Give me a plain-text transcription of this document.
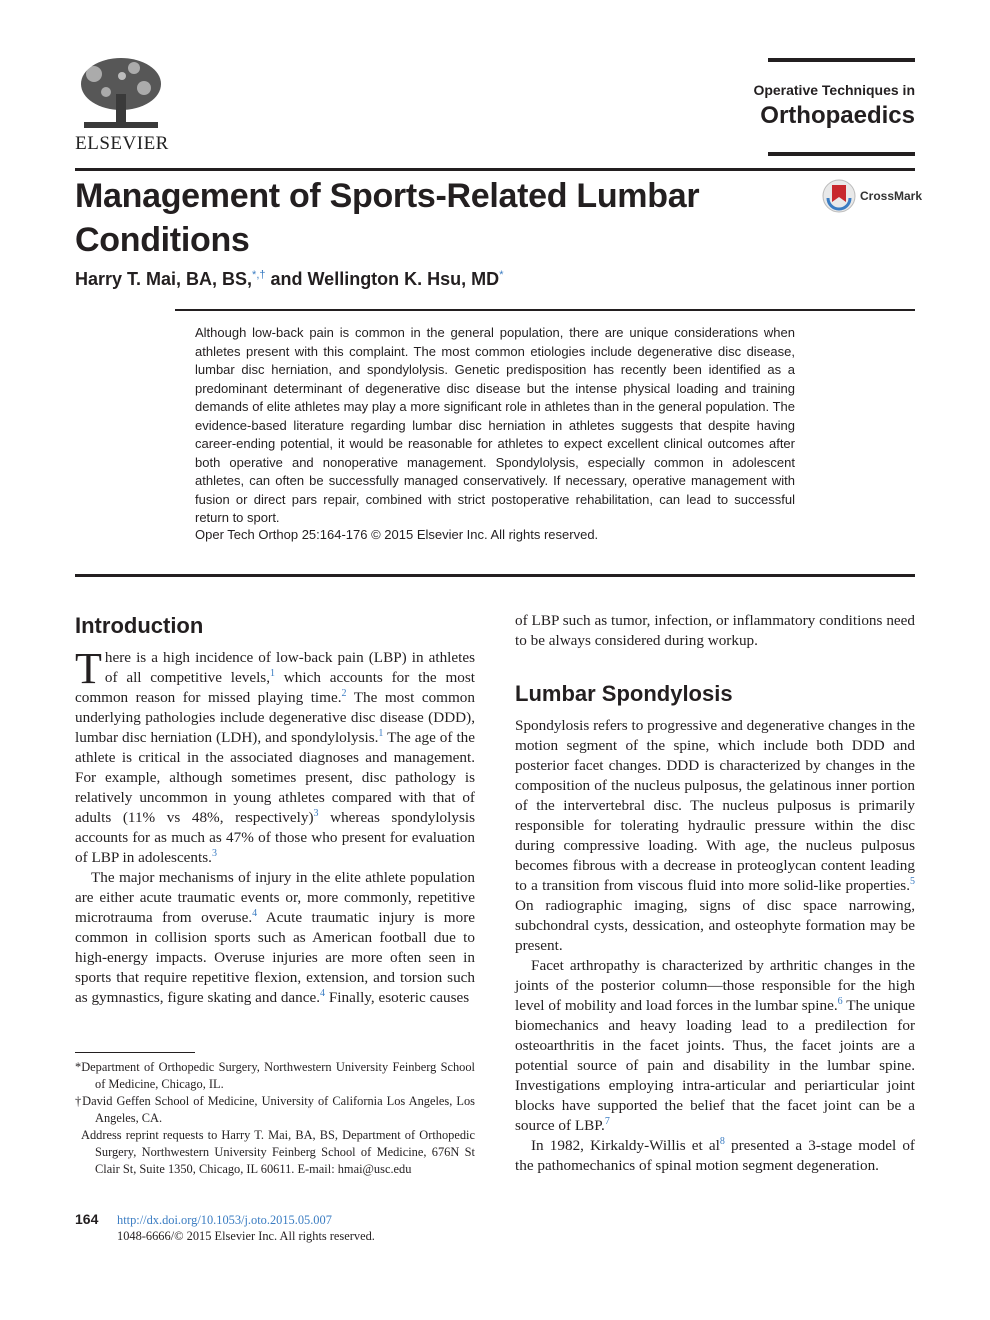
ELSEVIER
Operative Techniques in
Orthopaedics
Management of Sports-Related Lumbar Conditions
CrossMark
Harry T. Mai, BA, BS,*,† and Wellington K. Hsu, MD*

Although low-back pain is common in the general population, there are unique considerations when athletes present with this complaint. The most common etiologies include degenerative disc disease, lumbar disc herniation, and spondylolysis. Genetic predisposition has recently been identified as a predominant determinant of degenerative disc disease but the intense physical loading and training demands of elite athletes may play a more significant role in athletes than in the general population. The evidence-based literature regarding lumbar disc herniation in athletes suggests that despite having career-ending potential, it would be reasonable for athletes to expect excellent clinical outcomes after both operative and nonoperative management. Spondylolysis, especially common in adolescent athletes, can often be successfully managed conservatively. If necessary, operative management with fusion or direct pars repair, combined with strict postoperative rehabilitation, can lead to successful return to sport.

Oper Tech Orthop 25:164-176 © 2015 Elsevier Inc. All rights reserved.
Introduction

There is a high incidence of low-back pain (LBP) in athletes of all competitive levels,$^1$ which accounts for the most common reason for missed playing time.$^2$ The most common underlying pathologies include degenerative disc disease (DDD), lumbar disc herniation (LDH), and spondylolysis.$^1$ The age of the athlete is critical in the associated diagnoses and management. For example, although sometimes present, disc pathology is relatively uncommon in young athletes compared with that of adults (11% vs 48%, respectively)$^3$ whereas spondylolysis accounts for as much as 47% of those who present for evaluation of LBP in adolescents.$^3$

The major mechanisms of injury in the elite athlete population are either acute traumatic events or, more commonly, repetitive microtrauma from overuse.$^4$ Acute traumatic injury is more common in collision sports such as American football due to high-energy impacts. Overuse injuries are more often seen in sports that require repetitive flexion, extension, and torsion such as gymnastics, figure skating and dance.$^4$ Finally, esoteric causes

*Department of Orthopedic Surgery, Northwestern University Feinberg School of Medicine, Chicago, IL.

†David Geffen School of Medicine, University of California Los Angeles, Los Angeles, CA.

Address reprint requests to Harry T. Mai, BA, BS, Department of Orthopedic Surgery, Northwestern University Feinberg School of Medicine, 676N St Clair St, Suite 1350, Chicago, IL 60611. E-mail: hmai@usc.edu

164 http://dx.doi.org/10.1053/j.oto.2015.05.007
1048-6666/© 2015 Elsevier Inc. All rights reserved.

of LBP such as tumor, infection, or inflammatory conditions need to be always considered during workup.

Lumbar Spondylosis

Spondylosis refers to progressive and degenerative changes in the motion segment of the spine, which include both DDD and posterior facet changes. DDD is characterized by changes in the composition of the nucleus pulposus, the gelatinous inner portion of the intervertebral disc. The nucleus pulposus is primarily responsible for tolerating hydraulic pressure within the disc during compressive loading. With age, the nucleus pulposus becomes fibrous with a decrease in proteoglycan content leading to a transition from viscous fluid into more solid-like properties.$^5$ On radiographic imaging, signs of disc space narrowing, subchondral cysts, dessication, and osteophyte formation may be present.

Facet arthropathy is characterized by arthritic changes in the joints of the posterior column—those responsible for the high level of mobility and load forces in the lumbar spine.$^6$ The unique biomechanics and heavy loading lead to a predilection for osteoarthritis in the facet joints. Thus, the facet joints are a potential source of pain and disability in the lumbar spine. Investigations employing intra-articular and periarticular joint blocks have supported the belief that the facet joint can be a source of LBP.$^7$

In 1982, Kirkaldy-Willis et al$^8$ presented a 3-stage model of the pathomechanics of spinal motion segment degeneration.
